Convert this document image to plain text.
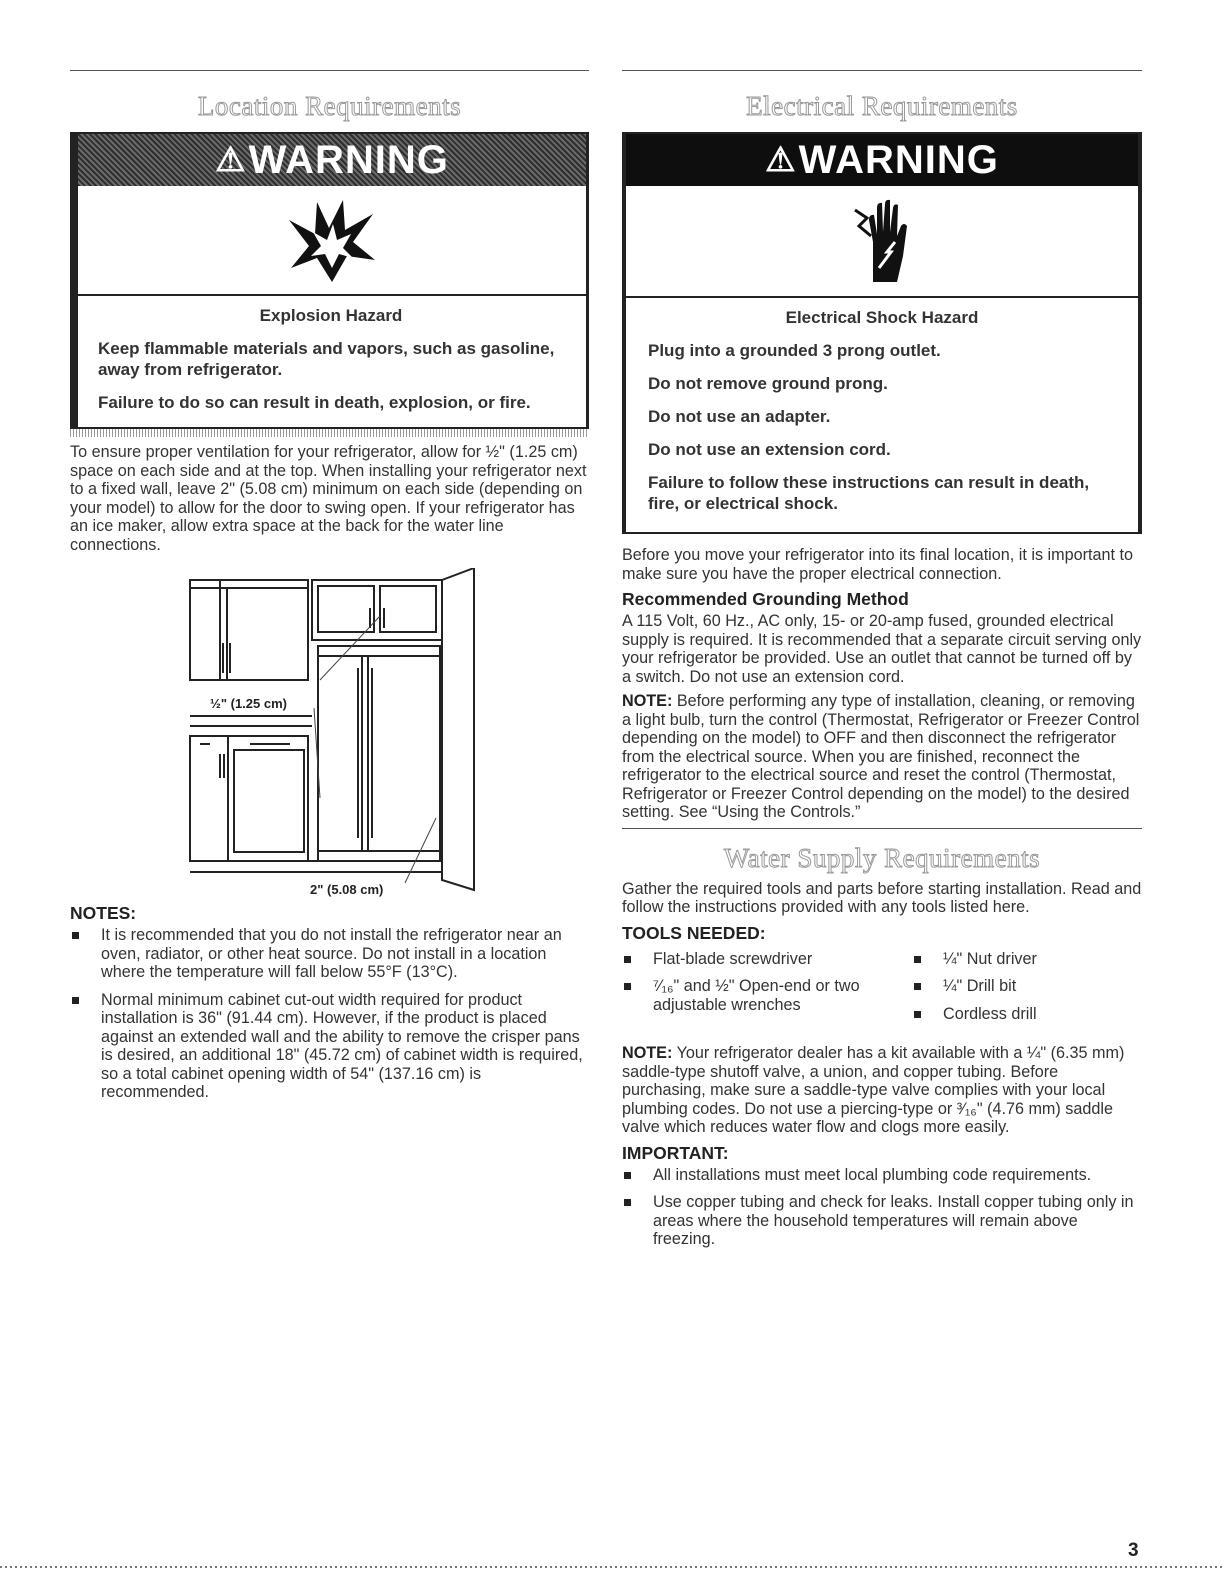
Location Requirements
⚠ WARNING
Explosion Hazard
Keep flammable materials and vapors, such as gasoline, away from refrigerator.
Failure to do so can result in death, explosion, or fire.

To ensure proper ventilation for your refrigerator, allow for ½" (1.25 cm) space on each side and at the top. When installing your refrigerator next to a fixed wall, leave 2" (5.08 cm) minimum on each side (depending on your model) to allow for the door to swing open. If your refrigerator has an ice maker, allow extra space at the back for the water line connections.

½" (1.25 cm)
2" (5.08 cm)
NOTES:
It is recommended that you do not install the refrigerator near an oven, radiator, or other heat source. Do not install in a location where the temperature will fall below 55°F (13°C).
Normal minimum cabinet cut-out width required for product installation is 36" (91.44 cm). However, if the product is placed against an extended wall and the ability to remove the crisper pans is desired, an additional 18" (45.72 cm) of cabinet width is required, so a total cabinet opening width of 54" (137.16 cm) is recommended.
Electrical Requirements
⚠ WARNING
Electrical Shock Hazard
Plug into a grounded 3 prong outlet.
Do not remove ground prong.
Do not use an adapter.
Do not use an extension cord.
Failure to follow these instructions can result in death, fire, or electrical shock.

Before you move your refrigerator into its final location, it is important to make sure you have the proper electrical connection.

Recommended Grounding Method

A 115 Volt, 60 Hz., AC only, 15- or 20-amp fused, grounded electrical supply is required. It is recommended that a separate circuit serving only your refrigerator be provided. Use an outlet that cannot be turned off by a switch. Do not use an extension cord.

NOTE: Before performing any type of installation, cleaning, or removing a light bulb, turn the control (Thermostat, Refrigerator or Freezer Control depending on the model) to OFF and then disconnect the refrigerator from the electrical source. When you are finished, reconnect the refrigerator to the electrical source and reset the control (Thermostat, Refrigerator or Freezer Control depending on the model) to the desired setting. See “Using the Controls.”

Water Supply Requirements

Gather the required tools and parts before starting installation. Read and follow the instructions provided with any tools listed here.

TOOLS NEEDED:
Flat-blade screwdriver
⁷⁄₁₆" and ½" Open-end or two adjustable wrenches
¼" Nut driver
¼" Drill bit
Cordless drill

NOTE: Your refrigerator dealer has a kit available with a ¼" (6.35 mm) saddle-type shutoff valve, a union, and copper tubing. Before purchasing, make sure a saddle-type valve complies with your local plumbing codes. Do not use a piercing-type or ³⁄₁₆" (4.76 mm) saddle valve which reduces water flow and clogs more easily.

IMPORTANT:
All installations must meet local plumbing code requirements.
Use copper tubing and check for leaks. Install copper tubing only in areas where the household temperatures will remain above freezing.
3
